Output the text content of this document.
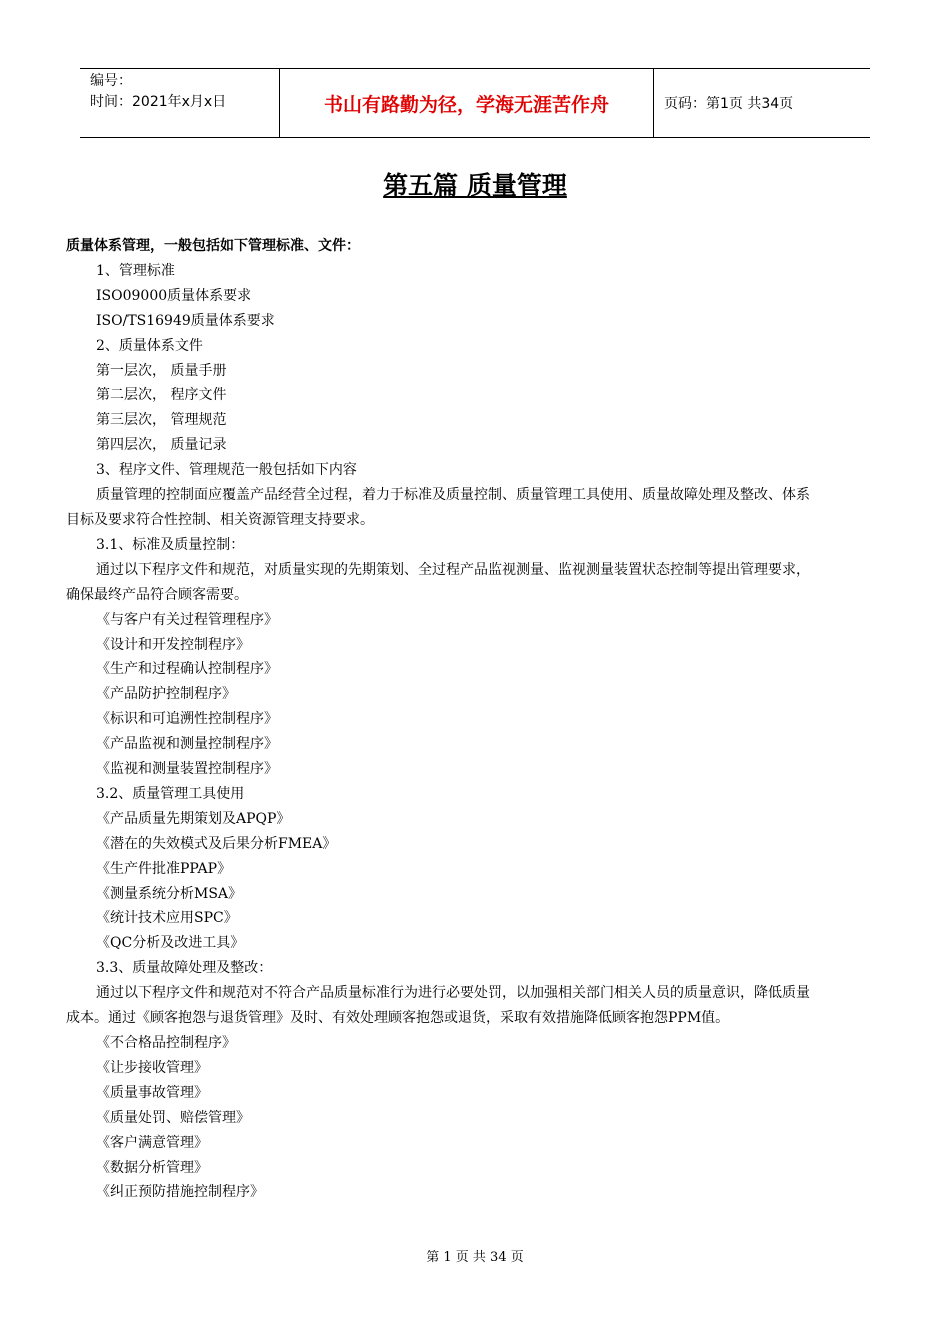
编号：
时间：2021年x月x日	书山有路勤为径，学海无涯苦作舟	页码：第1页 共34页
第五篇 质量管理

质量体系管理，一般包括如下管理标准、文件：

1、管理标准

ISO09000质量体系要求

ISO/TS16949质量体系要求

2、质量体系文件

第一层次， 质量手册

第二层次， 程序文件

第三层次， 管理规范

第四层次， 质量记录

3、程序文件、管理规范一般包括如下内容

质量管理的控制面应覆盖产品经营全过程，着力于标准及质量控制、质量管理工具使用、质量故障处理及整改、体系目标及要求符合性控制、相关资源管理支持要求。

3.1、标准及质量控制：

通过以下程序文件和规范，对质量实现的先期策划、全过程产品监视测量、监视测量装置状态控制等提出管理要求，确保最终产品符合顾客需要。

《与客户有关过程管理程序》

《设计和开发控制程序》

《生产和过程确认控制程序》

《产品防护控制程序》

《标识和可追溯性控制程序》

《产品监视和测量控制程序》

《监视和测量装置控制程序》

3.2、质量管理工具使用

《产品质量先期策划及APQP》

《潜在的失效模式及后果分析FMEA》

《生产件批准PPAP》

《测量系统分析MSA》

《统计技术应用SPC》

《QC分析及改进工具》

3.3、质量故障处理及整改：

通过以下程序文件和规范对不符合产品质量标准行为进行必要处罚，以加强相关部门相关人员的质量意识，降低质量成本。通过《顾客抱怨与退货管理》及时、有效处理顾客抱怨或退货，采取有效措施降低顾客抱怨PPM值。

《不合格品控制程序》

《让步接收管理》

《质量事故管理》

《质量处罚、赔偿管理》

《客户满意管理》

《数据分析管理》

《纠正预防措施控制程序》

第 1 页 共 34 页
